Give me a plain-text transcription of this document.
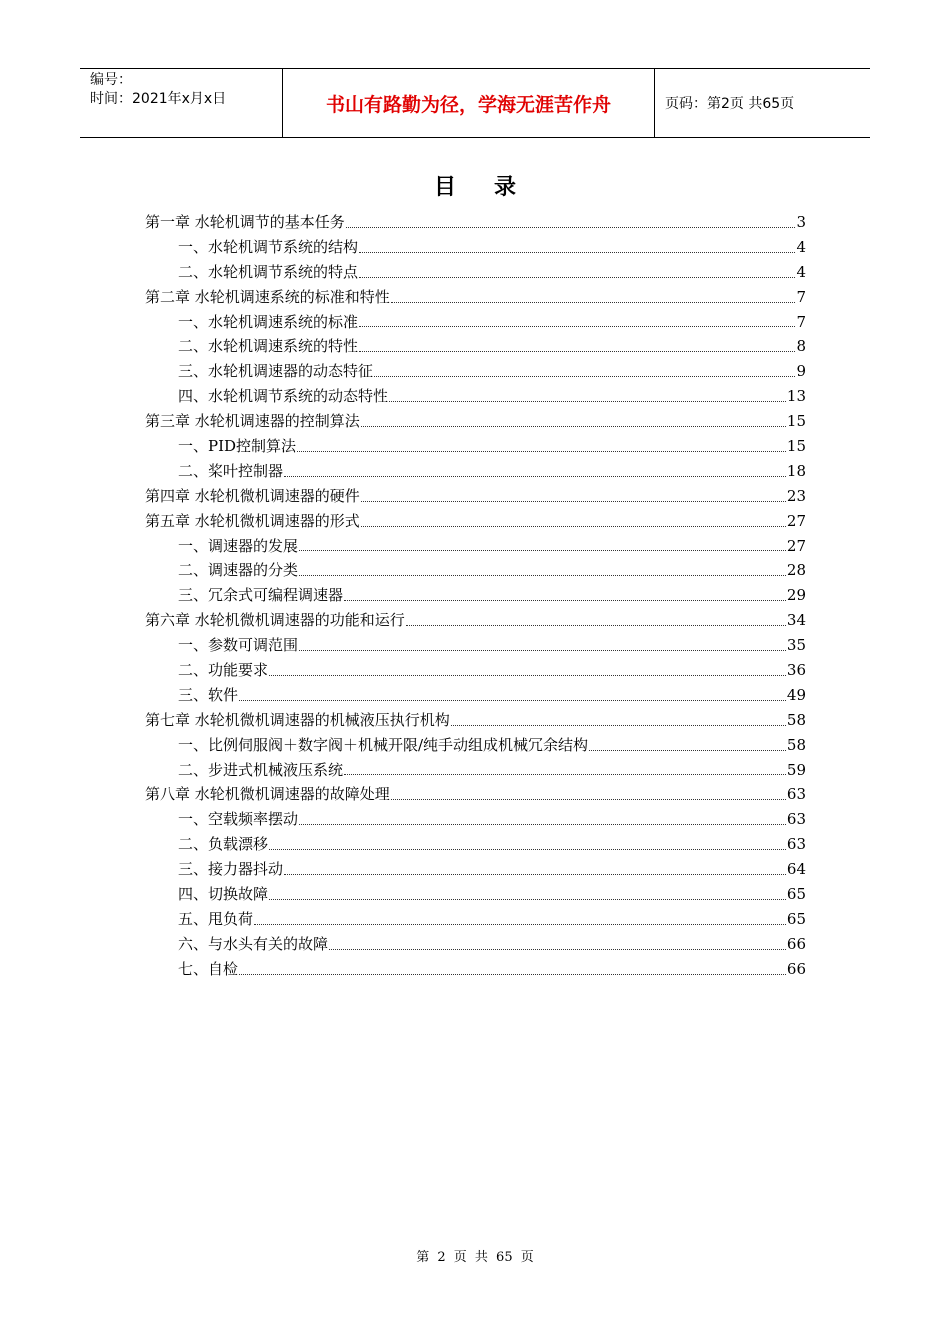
编号：
时间：2021年x月x日	书山有路勤为径，学海无涯苦作舟	页码：第2页 共65页
目录
第一章 水轮机调节的基本任务	3
一、水轮机调节系统的结构	4
二、水轮机调节系统的特点	4
第二章 水轮机调速系统的标准和特性	7
一、水轮机调速系统的标准	7
二、水轮机调速系统的特性	8
三、水轮机调速器的动态特征	9
四、水轮机调节系统的动态特性	13
第三章 水轮机调速器的控制算法	15
一、PID控制算法	15
二、桨叶控制器	18
第四章 水轮机微机调速器的硬件	23
第五章 水轮机微机调速器的形式	27
一、调速器的发展	27
二、调速器的分类	28
三、冗余式可编程调速器	29
第六章 水轮机微机调速器的功能和运行	34
一、参数可调范围	35
二、功能要求	36
三、软件	49
第七章 水轮机微机调速器的机械液压执行机构	58
一、比例伺服阀＋数字阀＋机械开限/纯手动组成机械冗余结构	58
二、步进式机械液压系统	59
第八章 水轮机微机调速器的故障处理	63
一、空载频率摆动	63
二、负载漂移	63
三、接力器抖动	64
四、切换故障	65
五、甩负荷	65
六、与水头有关的故障	66
七、自检	66
第 2 页 共 65 页
